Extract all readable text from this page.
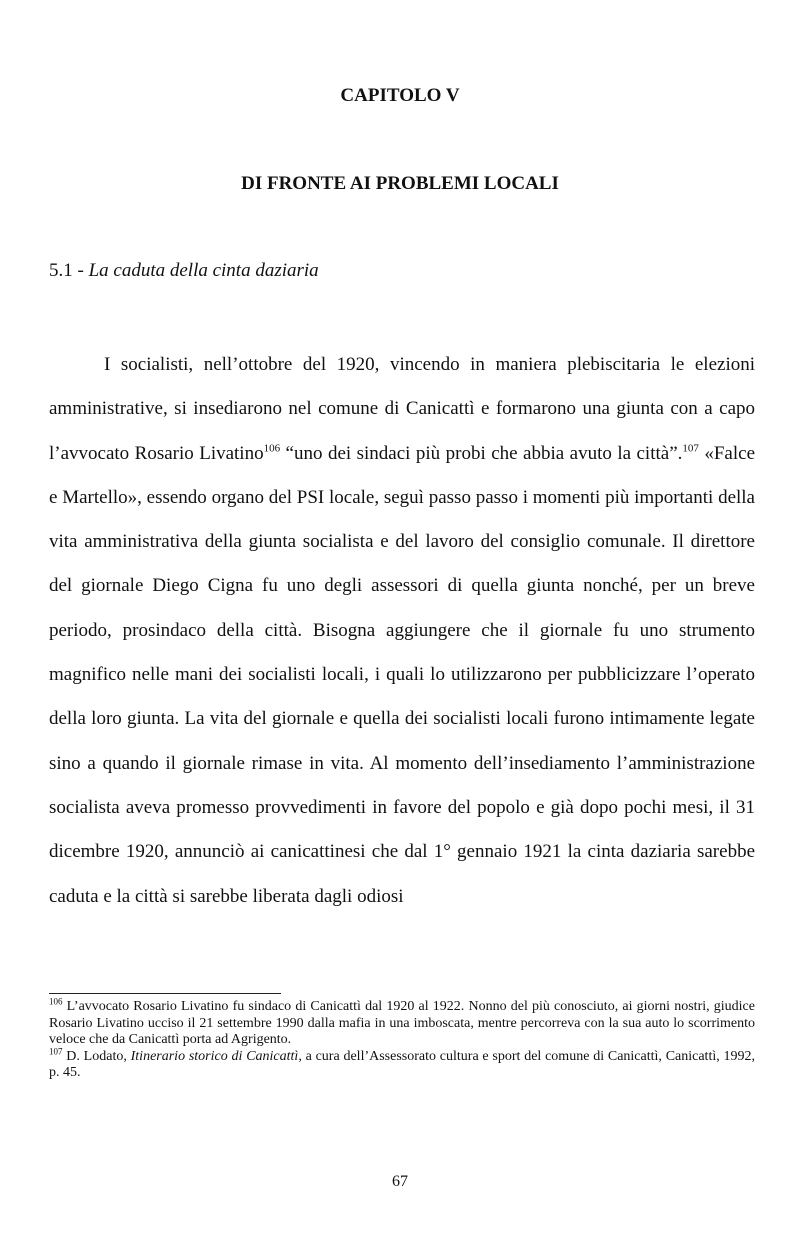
CAPITOLO V
DI FRONTE AI PROBLEMI LOCALI

5.1 - La caduta della cinta daziaria

I socialisti, nell’ottobre del 1920, vincendo in maniera plebiscitaria le elezioni amministrative, si insediarono nel comune di Canicattì e formarono una giunta con a capo l’avvocato Rosario Livatino$^{106}$ “uno dei sindaci più probi che abbia avuto la città”.$^{107}$ «Falce e Martello», essendo organo del PSI locale, seguì passo passo i momenti più importanti della vita amministrativa della giunta socialista e del lavoro del consiglio comunale. Il direttore del giornale Diego Cigna fu uno degli assessori di quella giunta nonché, per un breve periodo, prosindaco della città. Bisogna aggiungere che il giornale fu uno strumento magnifico nelle mani dei socialisti locali, i quali lo utilizzarono per pubblicizzare l’operato della loro giunta. La vita del giornale e quella dei socialisti locali furono intimamente legate sino a quando il giornale rimase in vita. Al momento dell’insediamento l’amministrazione socialista aveva promesso provvedimenti in favore del popolo e già dopo pochi mesi, il 31 dicembre 1920, annunciò ai canicattinesi che dal 1° gennaio 1921 la cinta daziaria sarebbe caduta e la città si sarebbe liberata dagli odiosi

$^{106}$ L’avvocato Rosario Livatino fu sindaco di Canicattì dal 1920 al 1922. Nonno del più conosciuto, ai giorni nostri, giudice Rosario Livatino ucciso il 21 settembre 1990 dalla mafia in una imboscata, mentre percorreva con la sua auto lo scorrimento veloce che da Canicattì porta ad Agrigento.

$^{107}$ D. Lodato, Itinerario storico di Canicattì, a cura dell’Assessorato cultura e sport del comune di Canicattì, Canicattì, 1992, p. 45.

67
